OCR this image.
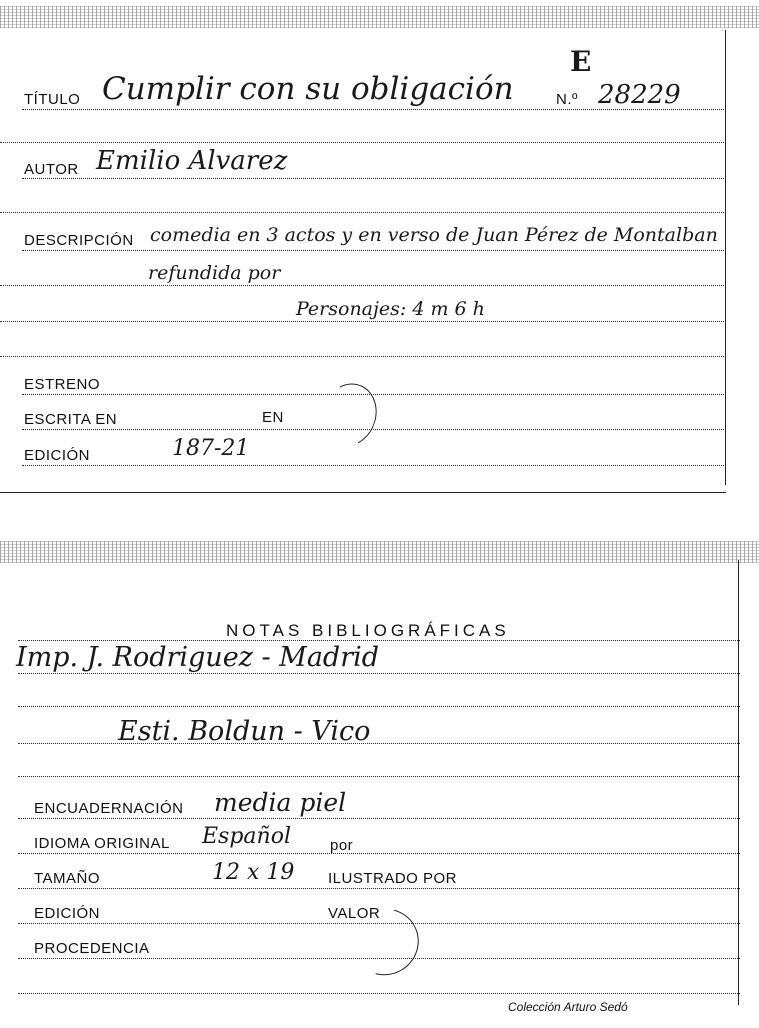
E
TÍTULO Cumplir con su obligación	N.º 28229
AUTOR Emilio Alvarez
DESCRIPCIÓN comedia en 3 actos y en verso de Juan Pérez de Montalban
refundida por
Personajes: 4 m 6 h
ESTRENO
ESCRITA EN	EN
EDICIÓN	187-21
NOTAS BIBLIOGRÁFICAS
Imp. J. Rodriguez - Madrid
Esti. Boldun - Vico
ENCUADERNACIÓN media piel
IDIOMA ORIGINAL Español	por
TAMAÑO	12 x 19 ILUSTRADO POR
EDICIÓN	VALOR
PROCEDENCIA
Colección Arturo Sedó
